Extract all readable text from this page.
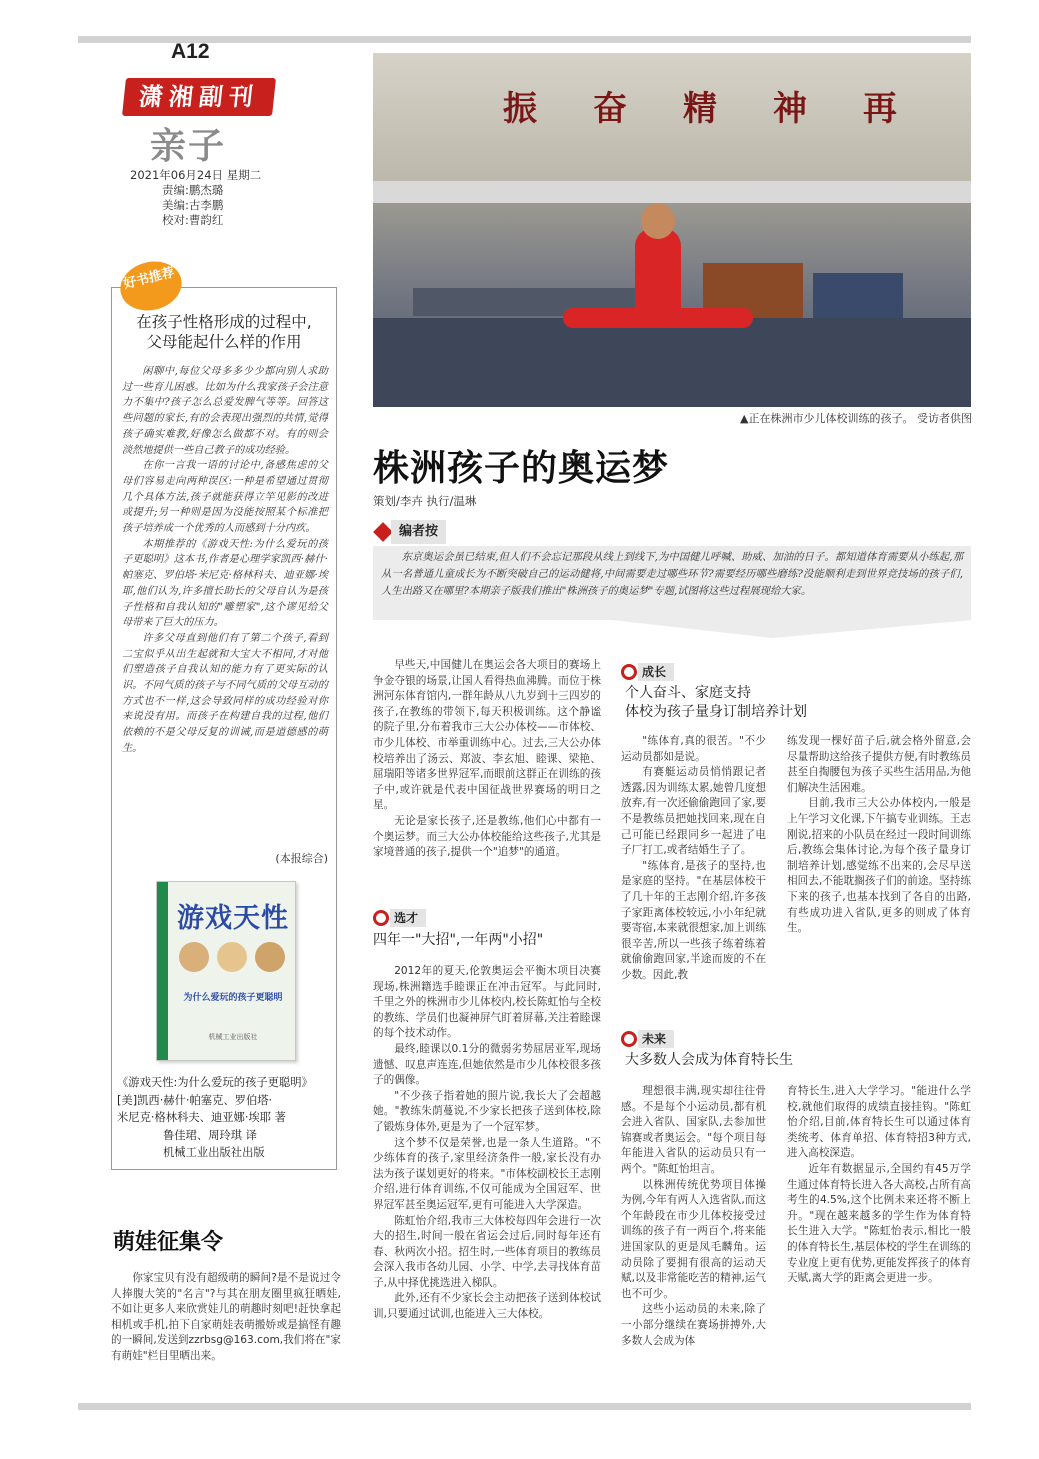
A12
潇湘副刊
亲子
2021年06月24日 星期二
责编:鹏杰璐
美编:古李鹏
校对:曹韵红
好书推荐
在孩子性格形成的过程中,
父母能起什么样的作用

闲聊中,每位父母多多少少都向别人求助过一些育儿困惑。比如为什么我家孩子会注意力不集中?孩子怎么总爱发脾气等等。回答这些问题的家长,有的会表现出强烈的共情,觉得孩子确实难教,好像怎么做都不对。有的则会淡然地提供一些自己教子的成功经验。

在你一言我一语的讨论中,备感焦虑的父母们容易走向两种误区:一种是希望通过贯彻几个具体方法,孩子就能获得立竿见影的改进或提升;另一种则是因为没能按照某个标准把孩子培养成一个优秀的人而感到十分内疚。

本期推荐的《游戏天性:为什么爱玩的孩子更聪明》这本书,作者是心理学家凯西·赫什·帕塞克、罗伯塔·米尼克·格林科夫、迪亚娜·埃耶,他们认为,许多擅长助长的父母自认为是孩子性格和自我认知的"雕塑家",这个谬见给父母带来了巨大的压力。

许多父母直到他们有了第二个孩子,看到二宝似乎从出生起就和大宝大不相同,才对他们塑造孩子自我认知的能力有了更实际的认识。不同气质的孩子与不同气质的父母互动的方式也不一样,这会导致同样的成功经验对你来说没有用。而孩子在构建自我的过程,他们依赖的不是父母反复的训诫,而是道德感的萌生。

(本报综合)
游戏天性
为什么爱玩的孩子更聪明
机械工业出版社
《游戏天性:为什么爱玩的孩子更聪明》
[美]凯西·赫什·帕塞克、罗伯塔·
米尼克·格林科夫、迪亚娜·埃耶 著
鲁佳珺、周玲琪 译
机械工业出版社出版
萌娃征集令
你家宝贝有没有超级萌的瞬间?是不是说过令人捧腹大笑的"名言"?与其在朋友圈里疯狂晒娃,不如让更多人来欣赏娃儿的萌趣时刻吧!赶快拿起相机或手机,拍下自家萌娃表萌搬娇或是搞怪有趣的一瞬间,发送到zzrbsg@163.com,我们将在"家有萌娃"栏目里晒出来。
振奋精神再
▲正在株洲市少儿体校训练的孩子。 受访者供图
株洲孩子的奥运梦
策划/李卉 执行/温琳
编者按
东京奥运会虽已结束,但人们不会忘记那段从线上到线下,为中国健儿呼喊、助威、加油的日子。都知道体育需要从小练起,那从一名普通儿童成长为不断突破自己的运动健将,中间需要走过哪些环节?需要经历哪些磨练?没能顺利走到世界竞技场的孩子们,人生出路又在哪里?本期亲子版我们推出"株洲孩子的奥运梦"专题,试图将这些过程展现给大家。

早些天,中国健儿在奥运会各大项目的赛场上争金夺银的场景,让国人看得热血沸腾。而位于株洲河东体育馆内,一群年龄从八九岁到十三四岁的孩子,在教练的带领下,每天积极训练。这个静谧的院子里,分布着我市三大公办体校——市体校、市少儿体校、市举重训练中心。过去,三大公办体校培养出了汤云、郑波、李玄旭、睦课、梁艳、屈瑞阳等诸多世界冠军,而眼前这群正在训练的孩子中,或许就是代表中国征战世界赛场的明日之星。

无论是家长孩子,还是教练,他们心中都有一个奥运梦。而三大公办体校能给这些孩子,尤其是家境普通的孩子,提供一个"追梦"的通道。

选才
四年一"大招",一年两"小招"

2012年的夏天,伦敦奥运会平衡木项目决赛现场,株洲籍选手睦课正在冲击冠军。与此同时,千里之外的株洲市少儿体校内,校长陈虹怡与全校的教练、学员们也凝神屏气盯着屏幕,关注着睦课的每个技术动作。

最终,睦课以0.1分的微弱劣势屈居亚军,现场遗憾、叹息声连连,但她依然是市少儿体校很多孩子的偶像。

"不少孩子指着她的照片说,我长大了会超越她。"教练朱荫蔓说,不少家长把孩子送到体校,除了锻炼身体外,更是为了一个冠军梦。

这个梦不仅是荣誉,也是一条人生道路。"不少练体育的孩子,家里经济条件一般,家长没有办法为孩子谋划更好的将来。"市体校副校长王志刚介绍,进行体育训练,不仅可能成为全国冠军、世界冠军甚至奥运冠军,更有可能进入大学深造。

陈虹怡介绍,我市三大体校每四年会进行一次大的招生,时间一般在省运会过后,同时每年还有春、秋两次小招。招生时,一些体育项目的教练员会深入我市各幼儿园、小学、中学,去寻找体育苗子,从中择优挑选进入梯队。

此外,还有不少家长会主动把孩子送到体校试训,只要通过试训,也能进入三大体校。

成长
个人奋斗、家庭支持
体校为孩子量身订制培养计划

"练体育,真的很苦。"不少运动员都如是说。

有赛艇运动员悄悄跟记者透露,因为训练太累,她曾几度想放弃,有一次还偷偷跑回了家,要不是教练员把她找回来,现在自己可能已经跟同乡一起进了电子厂打工,或者结婚生子了。

"练体育,是孩子的坚持,也是家庭的坚持。"在基层体校干了几十年的王志刚介绍,许多孩子家距离体校较远,小小年纪就要寄宿,本来就很想家,加上训练很辛苦,所以一些孩子练着练着就偷偷跑回家,半途而废的不在少数。因此,教

练发现一棵好苗子后,就会格外留意,会尽量帮助这给孩子提供方便,有时教练员甚至自掏腰包为孩子买些生活用品,为他们解决生活困难。

目前,我市三大公办体校内,一般是上午学习文化课,下午搞专业训练。王志刚说,招来的小队员在经过一段时间训练后,教练会集体讨论,为每个孩子量身订制培养计划,感觉练不出来的,会尽早送相回去,不能耽搁孩子们的前途。坚持练下来的孩子,也基本找到了各自的出路,有些成功进入省队,更多的则成了体育生。

未来
大多数人会成为体育特长生

理想很丰满,现实却往往骨感。不是每个小运动员,都有机会进入省队、国家队,去参加世锦赛或者奥运会。"每个项目每年能进入省队的运动员只有一两个。"陈虹怡坦言。

以株洲传统优势项目体操为例,今年有两人入选省队,而这个年龄段在市少儿体校接受过训练的孩子有一两百个,将来能进国家队的更是凤毛麟角。运动员除了要拥有很高的运动天赋,以及非常能吃苦的精神,运气也不可少。

这些小运动员的未来,除了一小部分继续在赛场拼搏外,大多数人会成为体

育特长生,进入大学学习。"能进什么学校,就他们取得的成绩直接挂钩。"陈虹怡介绍,目前,体育特长生可以通过体育类统考、体育单招、体育特招3种方式,进入高校深造。

近年有数据显示,全国约有45万学生通过体育特长进入各大高校,占所有高考生的4.5%,这个比例未来还将不断上升。"现在越来越多的学生作为体育特长生进入大学。"陈虹怡表示,相比一般的体育特长生,基层体校的学生在训练的专业度上更有优势,更能发挥孩子的体育天赋,离大学的距离会更进一步。
